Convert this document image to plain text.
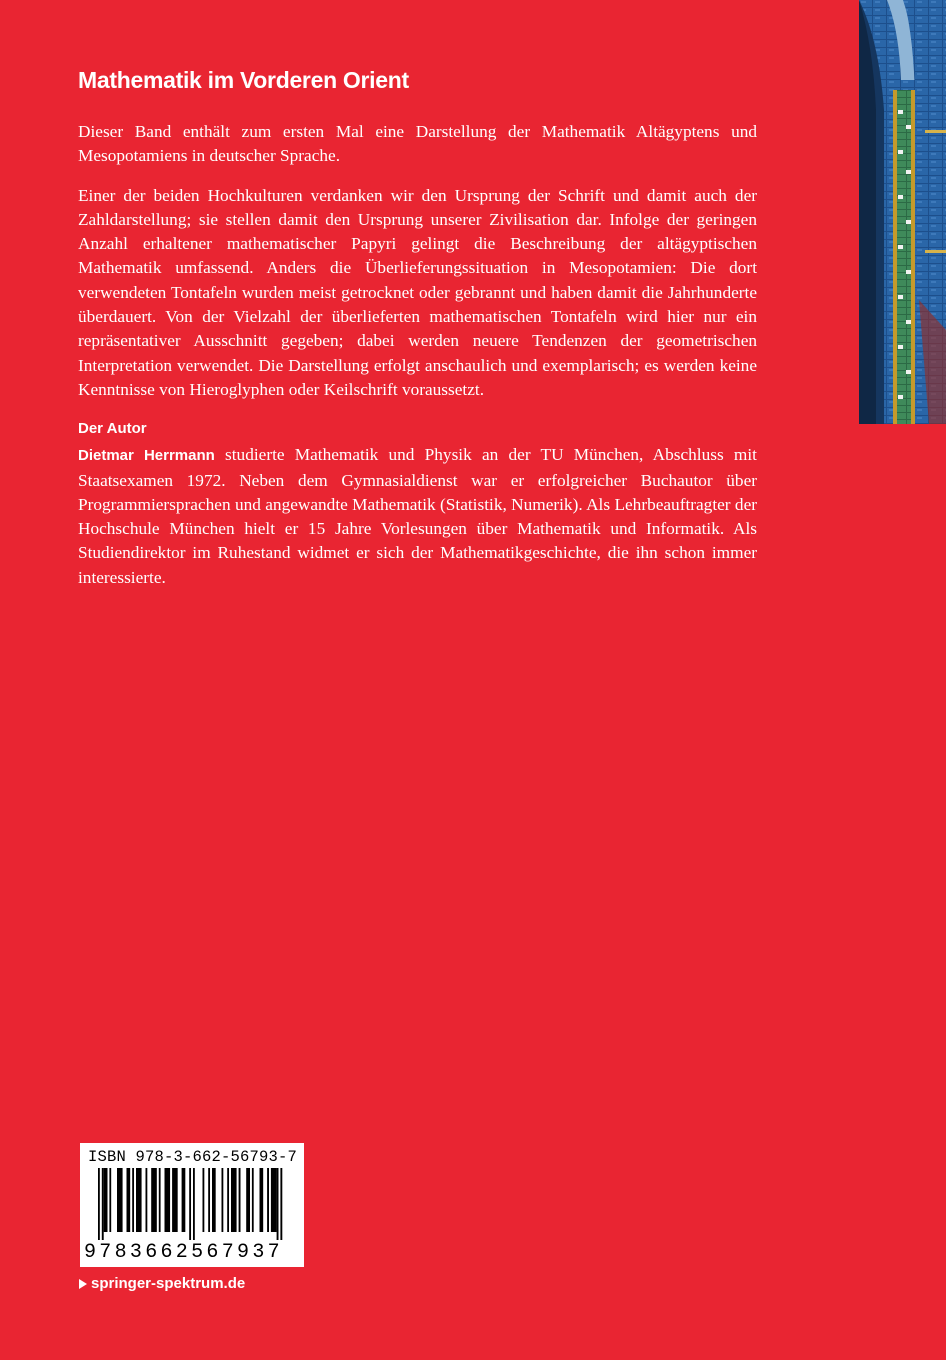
Mathematik im Vorderen Orient

Dieser Band enthält zum ersten Mal eine Darstellung der Mathematik Altägyptens und Mesopotamiens in deutscher Sprache.

Einer der beiden Hochkulturen verdanken wir den Ursprung der Schrift und damit auch der Zahldarstellung; sie stellen damit den Ursprung unserer Zivilisation dar. Infolge der geringen Anzahl erhaltener mathematischer Papyri gelingt die Beschreibung der altägyptischen Mathematik umfassend. Anders die Überlieferungssituation in Mesopotamien: Die dort verwendeten Tontafeln wurden meist getrocknet oder gebrannt und haben damit die Jahrhunderte überdauert. Von der Vielzahl der überlieferten mathematischen Tontafeln wird hier nur ein repräsentativer Ausschnitt gegeben; dabei werden neuere Tendenzen der geometrischen Interpretation verwendet. Die Darstellung erfolgt anschaulich und exemplarisch; es werden keine Kenntnisse von Hieroglyphen oder Keilschrift voraussetzt.

Der Autor

Dietmar Herrmann studierte Mathematik und Physik an der TU München, Abschluss mit Staatsexamen 1972. Neben dem Gymnasialdienst war er erfolgreicher Buchautor über Programmiersprachen und angewandte Mathematik (Statistik, Numerik). Als Lehrbeauftragter der Hochschule München hielt er 15 Jahre Vorlesungen über Mathematik und Informatik. Als Studiendirektor im Ruhestand widmet er sich der Mathematikgeschichte, die ihn schon immer interessierte.

ISBN 978-3-662-56793-7
9783662567937
springer-spektrum.de
